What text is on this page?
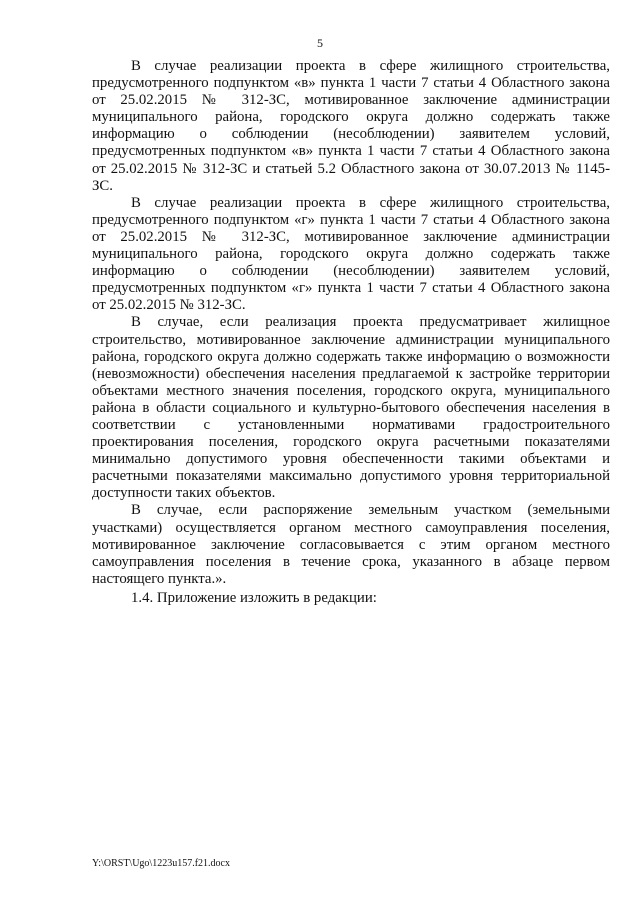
5

В случае реализации проекта в сфере жилищного строительства, предусмотренного подпунктом «в» пункта 1 части 7 статьи 4 Областного закона от 25.02.2015 № 312-ЗС, мотивированное заключение администрации муниципального района, городского округа должно содержать также информацию о соблюдении (несоблюдении) заявителем условий, предусмотренных подпунктом «в» пункта 1 части 7 статьи 4 Областного закона от 25.02.2015 № 312-ЗС и статьей 5.2 Областного закона от 30.07.2013 № 1145-ЗС.

В случае реализации проекта в сфере жилищного строительства, предусмотренного подпунктом «г» пункта 1 части 7 статьи 4 Областного закона от 25.02.2015 № 312-ЗС, мотивированное заключение администрации муниципального района, городского округа должно содержать также информацию о соблюдении (несоблюдении) заявителем условий, предусмотренных подпунктом «г» пункта 1 части 7 статьи 4 Областного закона от 25.02.2015 № 312-ЗС.

В случае, если реализация проекта предусматривает жилищное строительство, мотивированное заключение администрации муниципального района, городского округа должно содержать также информацию о возможности (невозможности) обеспечения населения предлагаемой к застройке территории объектами местного значения поселения, городского округа, муниципального района в области социального и культурно-бытового обеспечения населения в соответствии с установленными нормативами градостроительного проектирования поселения, городского округа расчетными показателями минимально допустимого уровня обеспеченности такими объектами и расчетными показателями максимально допустимого уровня территориальной доступности таких объектов.

В случае, если распоряжение земельным участком (земельными участками) осуществляется органом местного самоуправления поселения, мотивированное заключение согласовывается с этим органом местного самоуправления поселения в течение срока, указанного в абзаце первом настоящего пункта.».

1.4. Приложение изложить в редакции:

Y:\ORST\Ugo\1223u157.f21.docx
